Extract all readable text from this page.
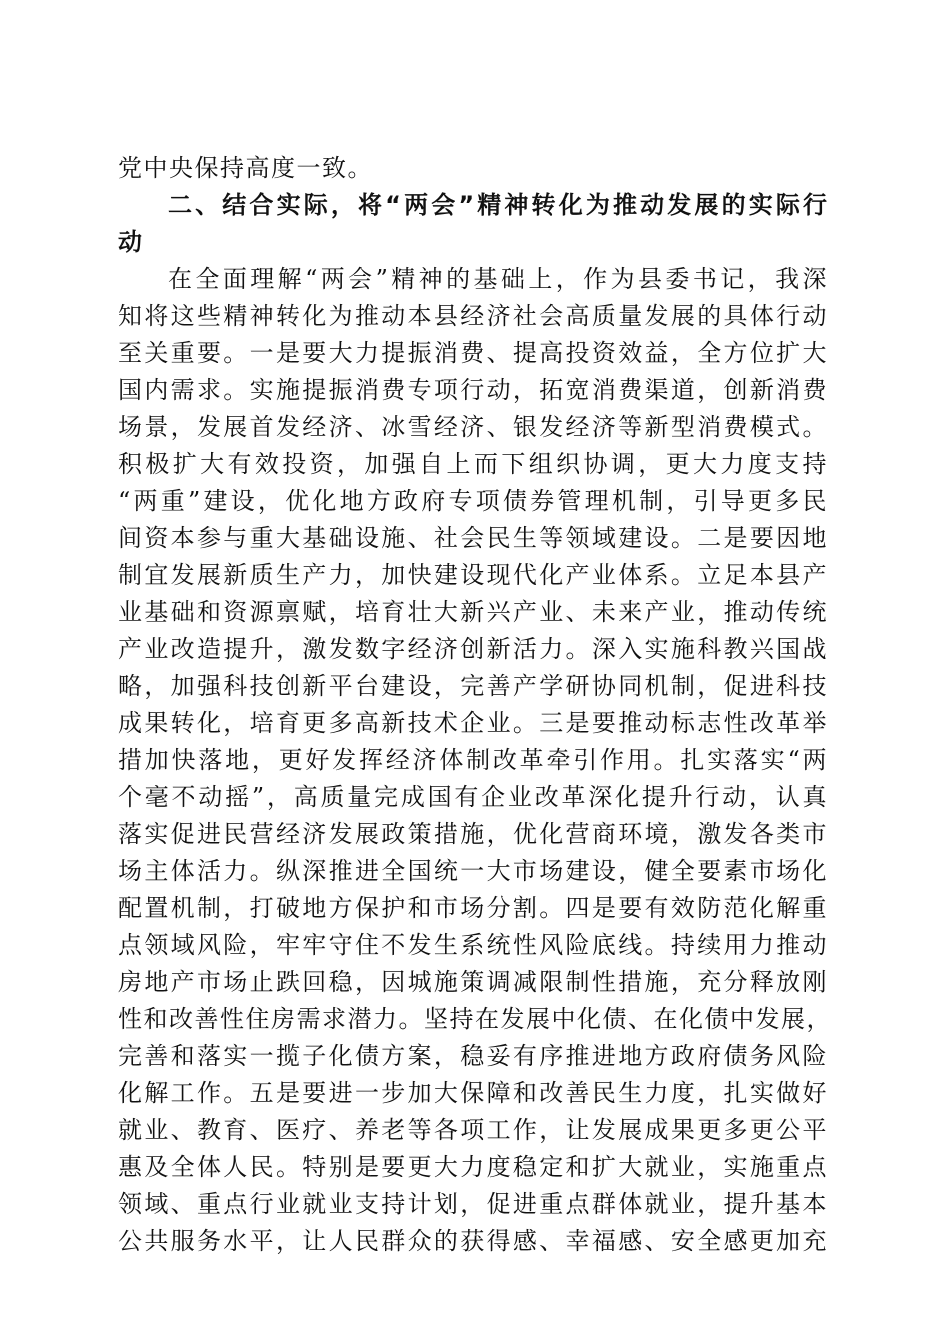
党中央保持高度一致。
二、结合实际，将“两会”精神转化为推动发展的实际行
动
在全面理解“两会”精神的基础上，作为县委书记，我深
知将这些精神转化为推动本县经济社会高质量发展的具体行动
至关重要。一是要大力提振消费、提高投资效益，全方位扩大
国内需求。实施提振消费专项行动，拓宽消费渠道，创新消费
场景，发展首发经济、冰雪经济、银发经济等新型消费模式。
积极扩大有效投资，加强自上而下组织协调，更大力度支持
“两重”建设，优化地方政府专项债券管理机制，引导更多民
间资本参与重大基础设施、社会民生等领域建设。二是要因地
制宜发展新质生产力，加快建设现代化产业体系。立足本县产
业基础和资源禀赋，培育壮大新兴产业、未来产业，推动传统
产业改造提升，激发数字经济创新活力。深入实施科教兴国战
略，加强科技创新平台建设，完善产学研协同机制，促进科技
成果转化，培育更多高新技术企业。三是要推动标志性改革举
措加快落地，更好发挥经济体制改革牵引作用。扎实落实“两
个毫不动摇”，高质量完成国有企业改革深化提升行动，认真
落实促进民营经济发展政策措施，优化营商环境，激发各类市
场主体活力。纵深推进全国统一大市场建设，健全要素市场化
配置机制，打破地方保护和市场分割。四是要有效防范化解重
点领域风险，牢牢守住不发生系统性风险底线。持续用力推动
房地产市场止跌回稳，因城施策调减限制性措施，充分释放刚
性和改善性住房需求潜力。坚持在发展中化债、在化债中发展，
完善和落实一揽子化债方案，稳妥有序推进地方政府债务风险
化解工作。五是要进一步加大保障和改善民生力度，扎实做好
就业、教育、医疗、养老等各项工作，让发展成果更多更公平
惠及全体人民。特别是要更大力度稳定和扩大就业，实施重点
领域、重点行业就业支持计划，促进重点群体就业，提升基本
公共服务水平，让人民群众的获得感、幸福感、安全感更加充
